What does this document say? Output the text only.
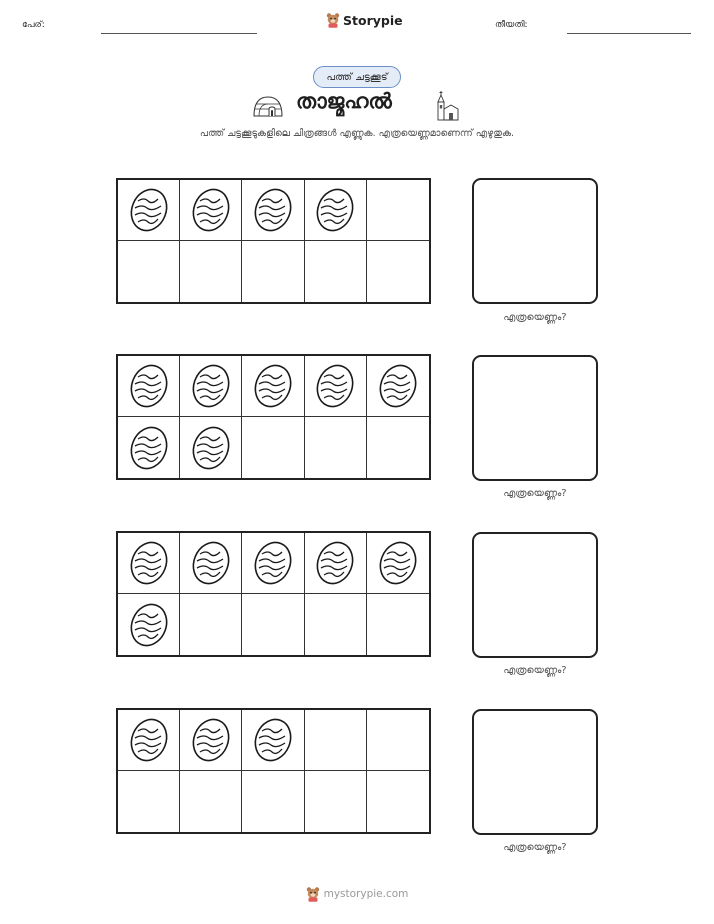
പേര്:	Storypie	തീയതി:
പത്ത് ചട്ടക്കൂട്
താജ്മഹൽ
പത്ത് ചട്ടക്കൂടുകളിലെ ചിത്രങ്ങൾ എണ്ണുക. എത്രയെണ്ണമാണെന്ന് എഴുതുക.
എത്രയെണ്ണം?
എത്രയെണ്ണം?
എത്രയെണ്ണം?
എത്രയെണ്ണം?
mystorypie.com
